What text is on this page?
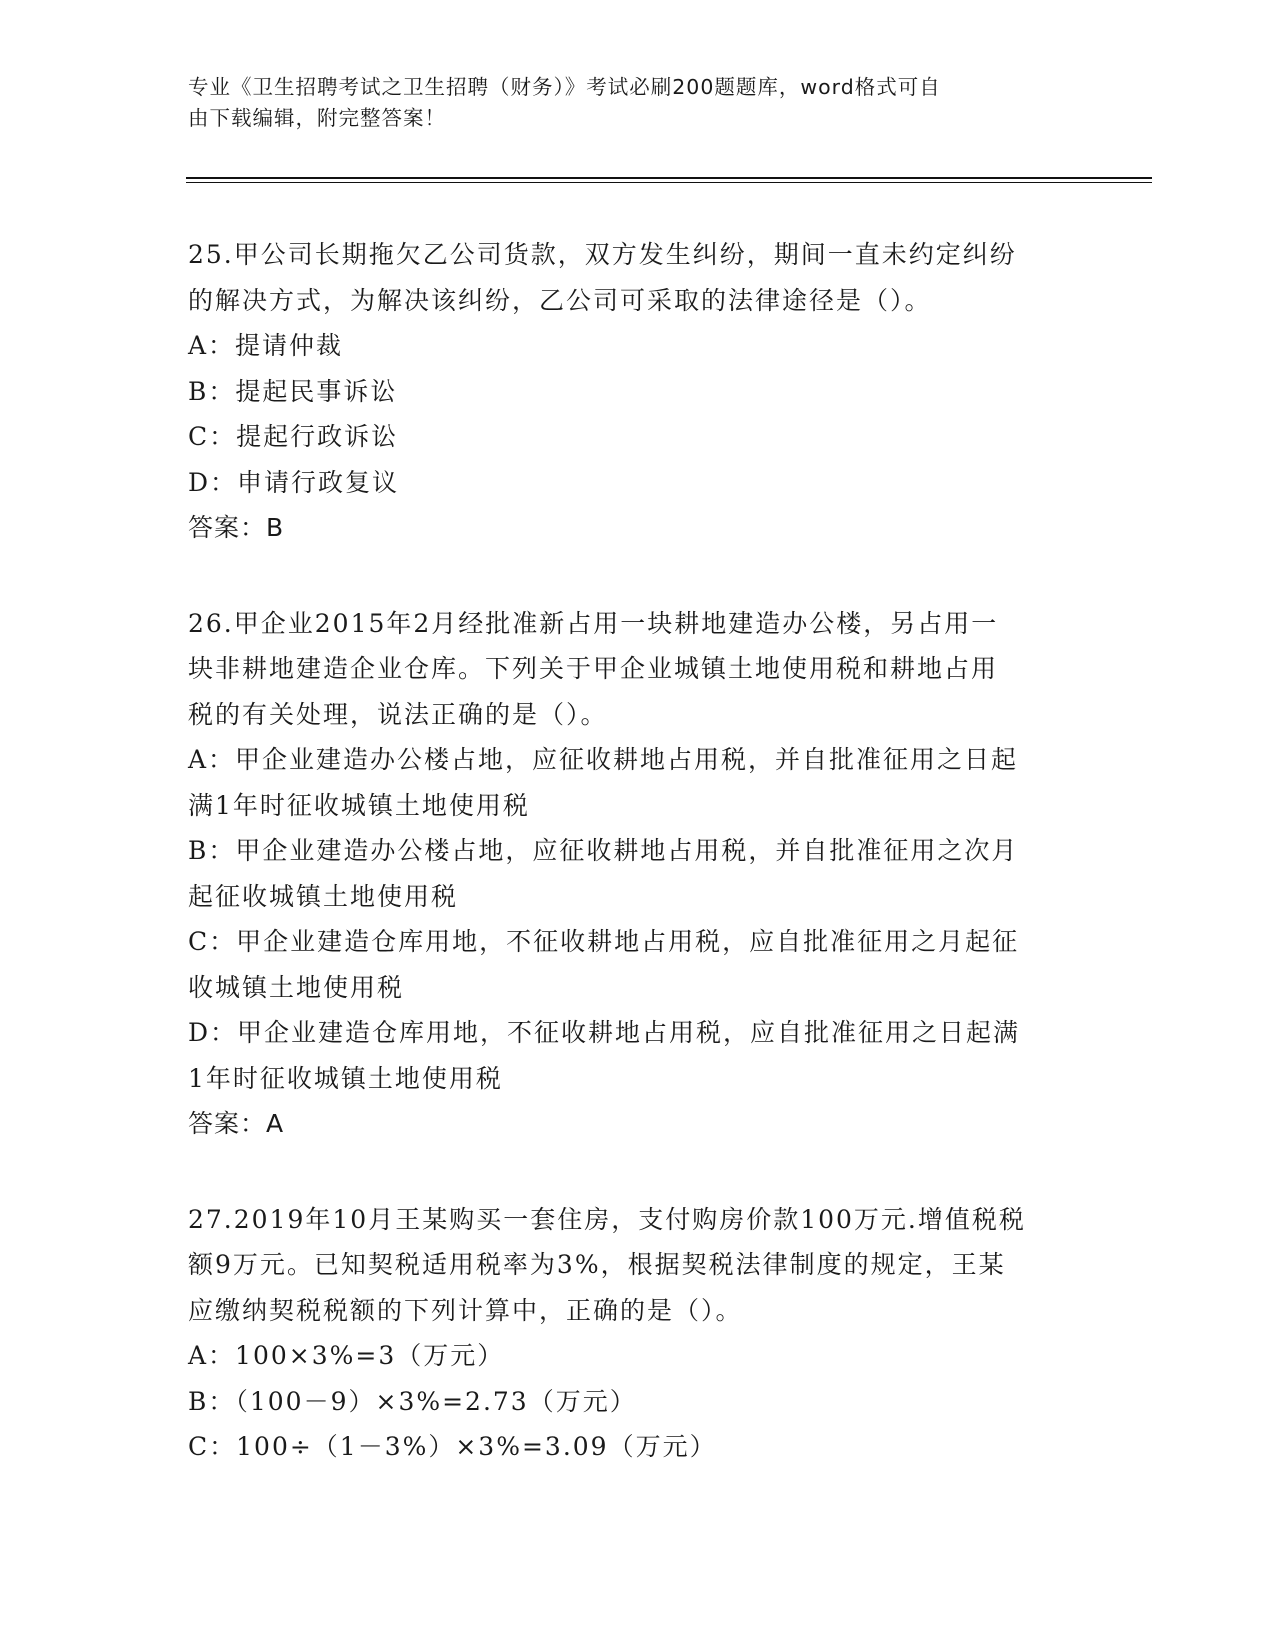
专业《卫生招聘考试之卫生招聘（财务）》考试必刷200题题库，word格式可自
由下载编辑，附完整答案！
25.甲公司长期拖欠乙公司货款，双方发生纠纷，期间一直未约定纠纷
的解决方式，为解决该纠纷，乙公司可采取的法律途径是（）。
A：提请仲裁
B：提起民事诉讼
C：提起行政诉讼
D：申请行政复议
答案：B
26.甲企业2015年2月经批准新占用一块耕地建造办公楼，另占用一
块非耕地建造企业仓库。下列关于甲企业城镇土地使用税和耕地占用
税的有关处理，说法正确的是（）。
A：甲企业建造办公楼占地，应征收耕地占用税，并自批准征用之日起
满1年时征收城镇土地使用税
B：甲企业建造办公楼占地，应征收耕地占用税，并自批准征用之次月
起征收城镇土地使用税
C：甲企业建造仓库用地，不征收耕地占用税，应自批准征用之月起征
收城镇土地使用税
D：甲企业建造仓库用地，不征收耕地占用税，应自批准征用之日起满
1年时征收城镇土地使用税
答案：A
27.2019年10月王某购买一套住房，支付购房价款100万元.增值税税
额9万元。已知契税适用税率为3%，根据契税法律制度的规定，王某
应缴纳契税税额的下列计算中，正确的是（）。
A：100×3%=3（万元）
B：（100－9）×3%=2.73（万元）
C：100÷（1－3%）×3%=3.09（万元）
